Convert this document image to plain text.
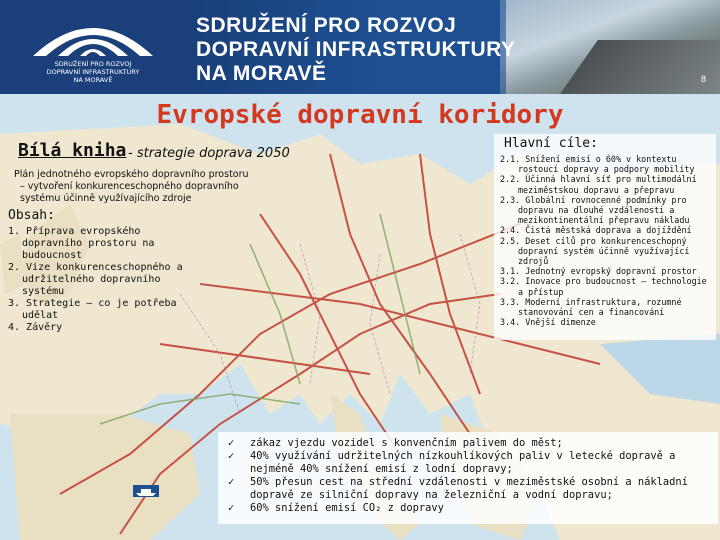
SDRUŽENÍ PRO ROZVOJ
DOPRAVNÍ INFRASTRUKTURY
NA MORAVĚ
SDRUŽENÍ PRO ROZVOJ
DOPRAVNÍ INFRASTRUKTURY
NA MORAVĚ	8
Evropské dopravní koridory
Bílá kniha - strategie doprava 2050
Plán jednotného evropského dopravního prostoru
– vytvoření konkurenceschopného dopravního
systému účinně využívajícího zdroje
Obsah:
1. Příprava evropského dopravního prostoru na budoucnost
2. Vize konkurenceschopného a udržitelného dopravního systému
3. Strategie – co je potřeba udělat
4. Závěry
Hlavní cíle:
2.1. Snížení emisí o 60% v kontextu rostoucí dopravy a podpory mobility
2.2. Účinná hlavní síť pro multimodální meziměstskou dopravu a přepravu
2.3. Globální rovnocenné podmínky pro dopravu na dlouhé vzdálenosti a mezikontinentální přepravu nákladu
2.4. Čistá městská doprava a dojíždění
2.5. Deset cílů pro konkurenceschopný dopravní systém účinně využívající zdrojů
3.1. Jednotný evropský dopravní prostor
3.2. Inovace pro budoucnost – technologie a přístup
3.3. Moderní infrastruktura, rozumné stanovování cen a financování
3.4. Vnější dimenze
✓ zákaz vjezdu vozidel s konvenčním palivem do měst;
✓ 40% využívání udržitelných nízkouhlíkových paliv v letecké dopravě a nejméně 40% snížení emisí z lodní dopravy;
✓ 50% přesun cest na střední vzdálenosti v meziměstské osobní a nákladní dopravě ze silniční dopravy na železniční a vodní dopravu;
✓ 60% snížení emisí CO₂ z dopravy
